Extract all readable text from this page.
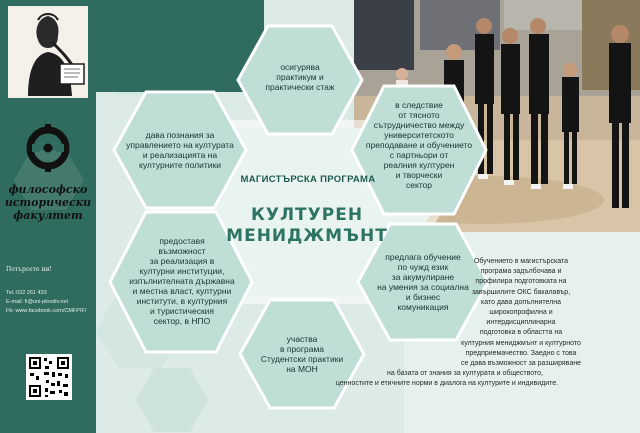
философско
исторически
факултет
Потърсете ни!
Tel.:032 261 433
E-mail: fi@uni-plovdiv.net
Fb: www.facebook.com/CMFPIF/
осигурява
практикум и
практически стаж
дава познания за
управлението на културата
и реализацията на
културните политики
в следствие
от тясното
сътрудничество между
университетското
преподаване и обучението
с партньори от
реалния културен
и творчески
сектор
предоставя
възможност
за реализация в
културни институции,
изпълнителната държавна
и местна власт, културни
институти, в културния
и туристическия
сектор, в НПО
предлага обучение
по чужд език
за акумулиране
на умения за социална
и бизнес
комуникация
участва
в програма
Студентски практики
на МОН
МАГИСТЪРСКА ПРОГРАМА
КУЛТУРЕН
МЕНИДЖМЪНТ
Обучението в магистърската
програма задълбочава и
профилира подготовката на
завършилите ОКС бакалавър,
като дава допълнителна
широкопрофилна и
интердисциплинарна
подготовка в областта на
културния мениджмънт и културното
предприемачество. Заедно с това
се дава възможност за разширяване
на базата от знания за културата и обществото,
ценностите и етичните норми в диалога на културите и индивидите.
